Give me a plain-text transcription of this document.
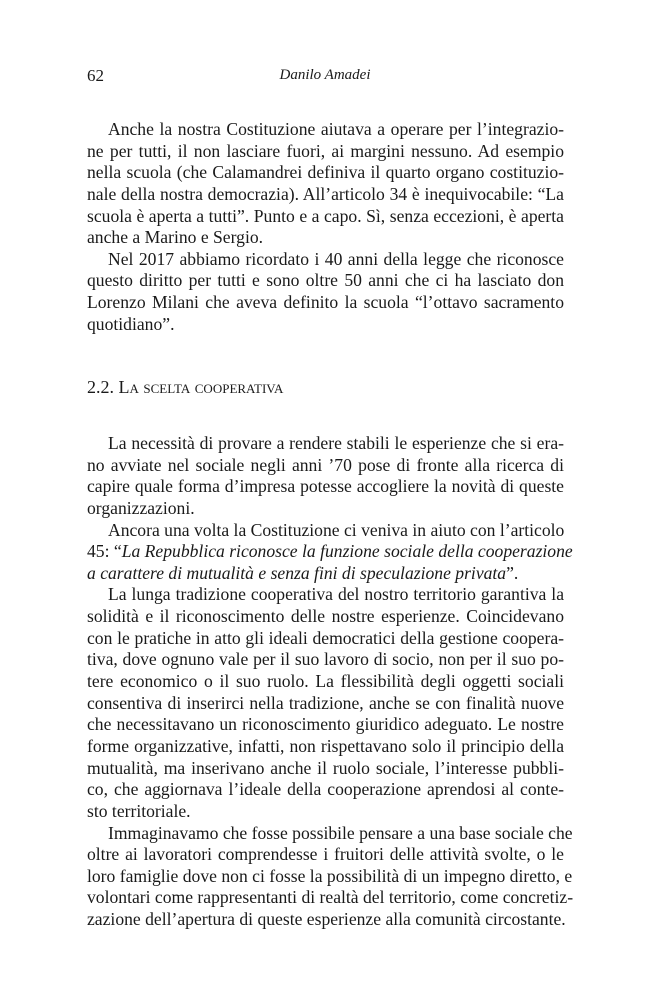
62	Danilo Amadei
Anche la nostra Costituzione aiutava a operare per l’integrazio-
ne per tutti, il non lasciare fuori, ai margini nessuno. Ad esempio
nella scuola (che Calamandrei definiva il quarto organo costituzio-
nale della nostra democrazia). All’articolo 34 è inequivocabile: “La
scuola è aperta a tutti”. Punto e a capo. Sì, senza eccezioni, è aperta
anche a Marino e Sergio.
Nel 2017 abbiamo ricordato i 40 anni della legge che riconosce
questo diritto per tutti e sono oltre 50 anni che ci ha lasciato don
Lorenzo Milani che aveva definito la scuola “l’ottavo sacramento
quotidiano”.
2.2. La scelta cooperativa
La necessità di provare a rendere stabili le esperienze che si era-
no avviate nel sociale negli anni ’70 pose di fronte alla ricerca di
capire quale forma d’impresa potesse accogliere la novità di queste
organizzazioni.
Ancora una volta la Costituzione ci veniva in aiuto con l’articolo
45: “La Repubblica riconosce la funzione sociale della cooperazione
a carattere di mutualità e senza fini di speculazione privata”.
La lunga tradizione cooperativa del nostro territorio garantiva la
solidità e il riconoscimento delle nostre esperienze. Coincidevano
con le pratiche in atto gli ideali democratici della gestione coopera-
tiva, dove ognuno vale per il suo lavoro di socio, non per il suo po-
tere economico o il suo ruolo. La flessibilità degli oggetti sociali
consentiva di inserirci nella tradizione, anche se con finalità nuove
che necessitavano un riconoscimento giuridico adeguato. Le nostre
forme organizzative, infatti, non rispettavano solo il principio della
mutualità, ma inserivano anche il ruolo sociale, l’interesse pubbli-
co, che aggiornava l’ideale della cooperazione aprendosi al conte-
sto territoriale.
Immaginavamo che fosse possibile pensare a una base sociale che
oltre ai lavoratori comprendesse i fruitori delle attività svolte, o le
loro famiglie dove non ci fosse la possibilità di un impegno diretto, e
volontari come rappresentanti di realtà del territorio, come concretiz-
zazione dell’apertura di queste esperienze alla comunità circostante.
